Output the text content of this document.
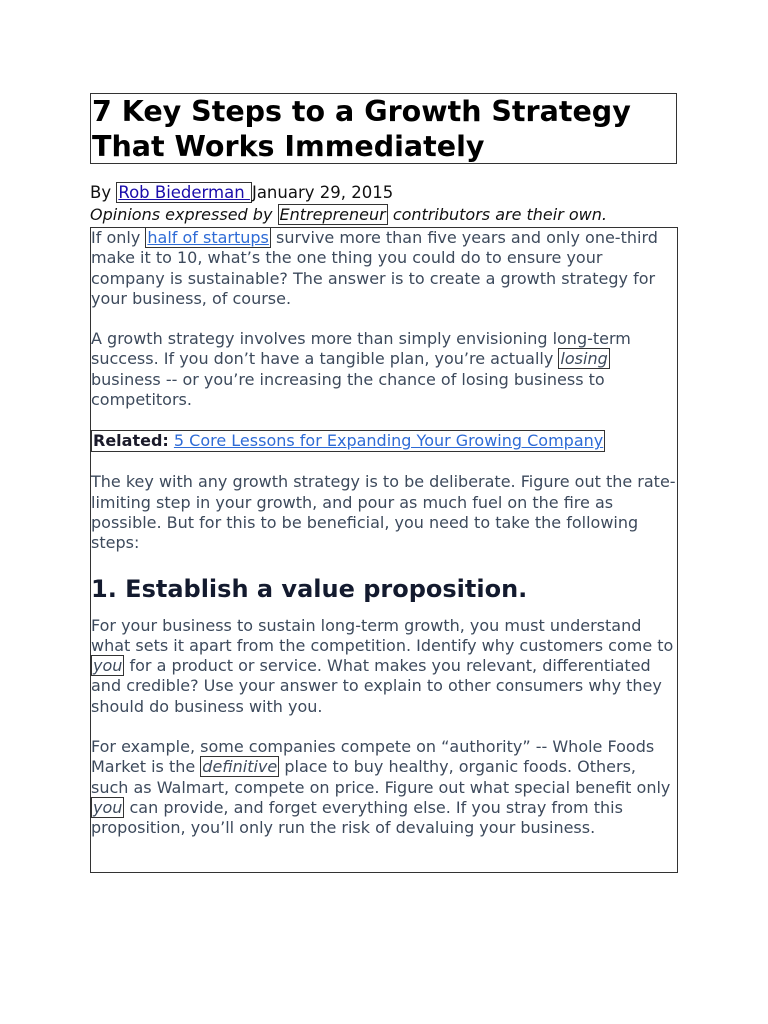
7 Key Steps to a Growth Strategy
That Works Immediately
By Rob Biederman January 29, 2015
Opinions expressed by Entrepreneur contributors are their own.

If only half of startups survive more than five years and only one-third make it to 10, what’s the one thing you could do to ensure your company is sustainable? The answer is to create a growth strategy for your business, of course.

A growth strategy involves more than simply envisioning long-term success. If you don’t have a tangible plan, you’re actually losing business -- or you’re increasing the chance of losing business to competitors.

Related: 5 Core Lessons for Expanding Your Growing Company

The key with any growth strategy is to be deliberate. Figure out the rate-limiting step in your growth, and pour as much fuel on the fire as possible. But for this to be beneficial, you need to take the following steps:

1. Establish a value proposition.

For your business to sustain long-term growth, you must understand what sets it apart from the competition. Identify why customers come to you for a product or service. What makes you relevant, differentiated and credible? Use your answer to explain to other consumers why they should do business with you.

For example, some companies compete on “authority” -- Whole Foods Market is the definitive place to buy healthy, organic foods. Others, such as Walmart, compete on price. Figure out what special benefit only you can provide, and forget everything else. If you stray from this proposition, you’ll only run the risk of devaluing your business.
